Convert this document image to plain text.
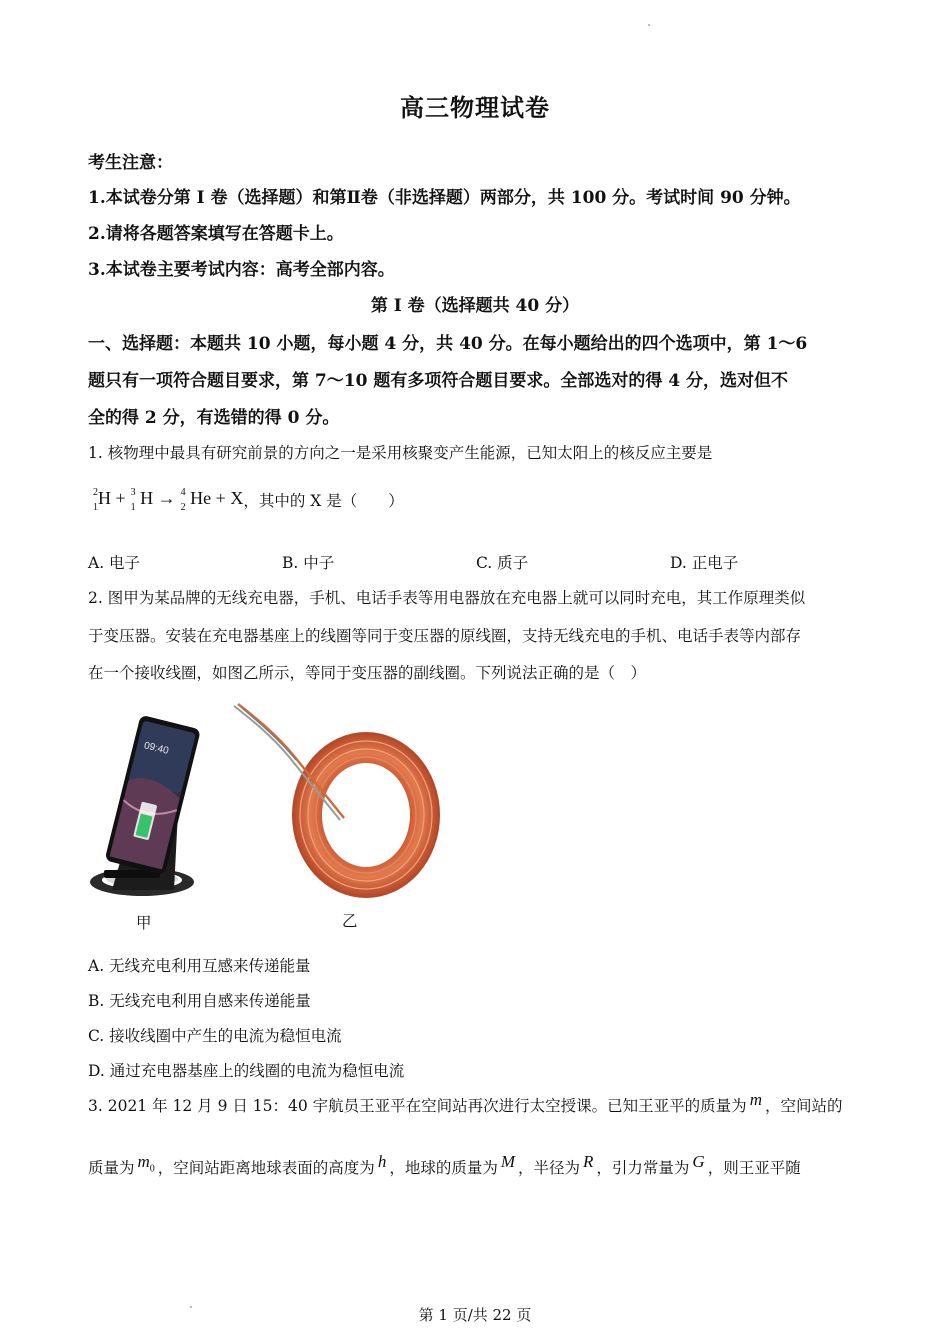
高三物理试卷
考生注意：
1.本试卷分第 I 卷（选择题）和第Ⅱ卷（非选择题）两部分，共 100 分。考试时间 90 分钟。
2.请将各题答案填写在答题卡上。
3.本试卷主要考试内容：高考全部内容。
第 I 卷（选择题共 40 分）
一、选择题：本题共 10 小题，每小题 4 分，共 40 分。在每小题给出的四个选项中，第 1～6
题只有一项符合题目要求，第 7～10 题有多项符合题目要求。全部选对的得 4 分，选对但不
全的得 2 分，有选错的得 0 分。
1. 核物理中最具有研究前景的方向之一是采用核聚变产生能源，已知太阳上的核反应主要是
2
1 H + 3
1 H → 4
2 He + X ，其中的 X 是（　　）
A. 电子	B. 中子	C. 质子	D. 正电子
2. 图甲为某品牌的无线充电器，手机、电话手表等用电器放在充电器上就可以同时充电，其工作原理类似
于变压器。安装在充电器基座上的线圈等同于变压器的原线圈，支持无线充电的手机、电话手表等内部存
在一个接收线圈，如图乙所示，等同于变压器的副线圈。下列说法正确的是（　）
09:40
甲	乙
A. 无线充电利用互感来传递能量
B. 无线充电利用自感来传递能量
C. 接收线圈中产生的电流为稳恒电流
D. 通过充电器基座上的线圈的电流为稳恒电流
3. 2021 年 12 月 9 日 15：40 宇航员王亚平在空间站再次进行太空授课。已知王亚平的质量为 m ，空间站的
质量为 $m_0$ ，空间站距离地球表面的高度为 h ，地球的质量为 M ，半径为 R ，引力常量为 G ，则王亚平随
第 1 页/共 22 页
